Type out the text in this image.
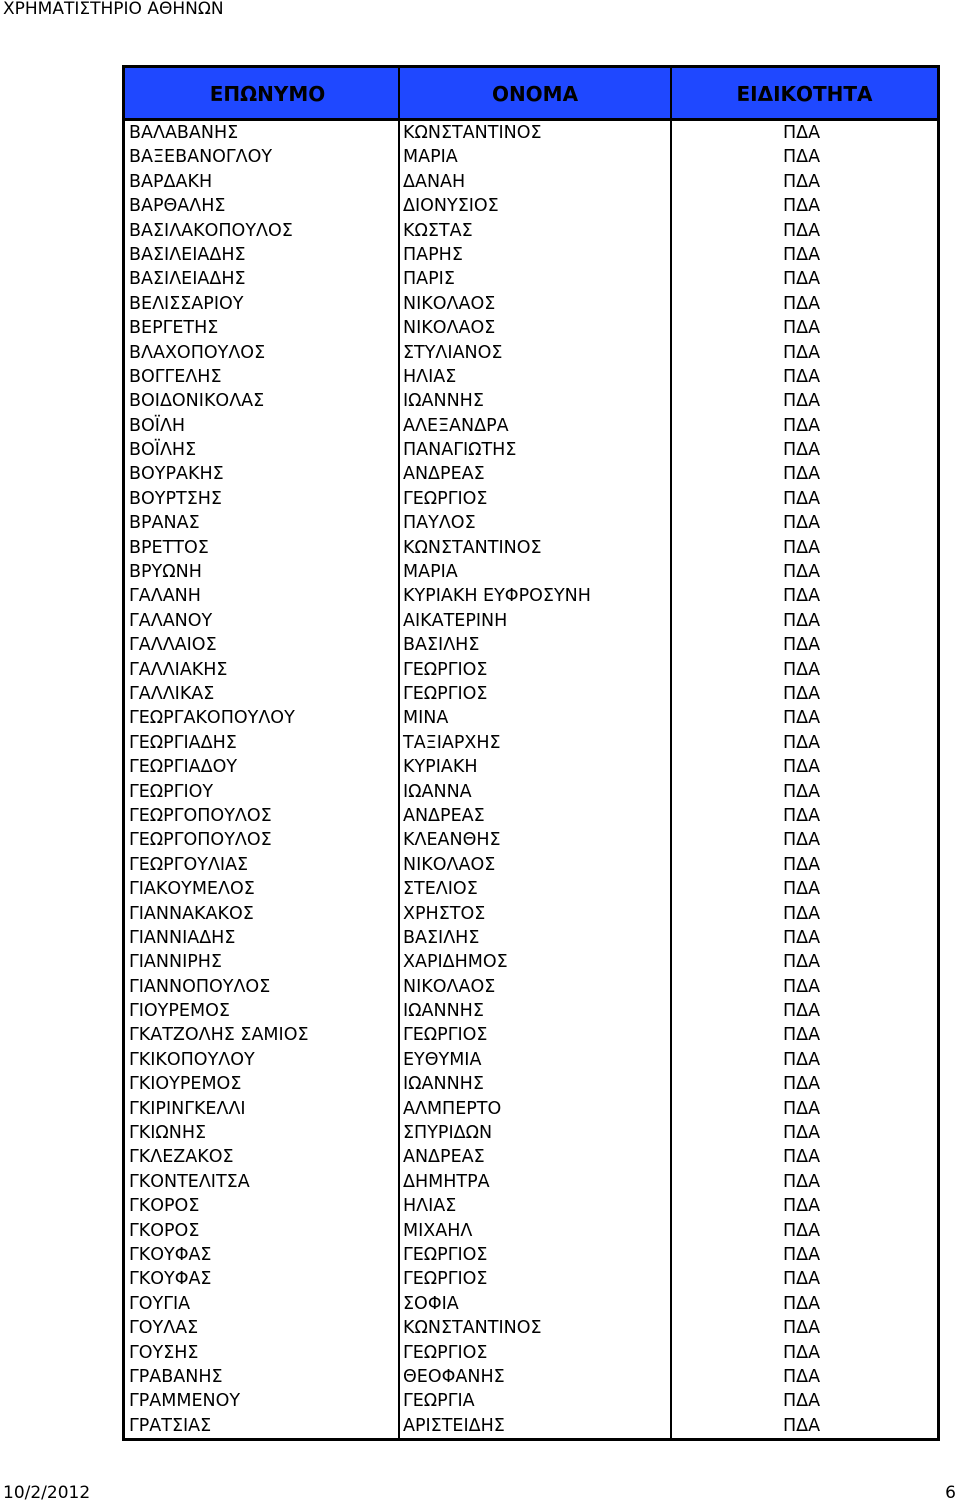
ΧΡΗΜΑΤΙΣΤΗΡΙΟ ΑΘΗΝΩΝ
ΕΠΩΝΥΜΟ	ΟΝΟΜΑ	ΕΙΔΙΚΟΤΗΤΑ
ΒΑΛΑΒΑΝΗΣ	ΚΩΝΣΤΑΝΤΙΝΟΣ	ΠΔΑ
ΒΑΞΕΒΑΝΟΓΛΟΥ	ΜΑΡΙΑ	ΠΔΑ
ΒΑΡΔΑΚΗ	ΔΑΝΑΗ	ΠΔΑ
ΒΑΡΘΑΛΗΣ	ΔΙΟΝΥΣΙΟΣ	ΠΔΑ
ΒΑΣΙΛΑΚΟΠΟΥΛΟΣ	ΚΩΣΤΑΣ	ΠΔΑ
ΒΑΣΙΛΕΙΑΔΗΣ	ΠΑΡΗΣ	ΠΔΑ
ΒΑΣΙΛΕΙΑΔΗΣ	ΠΑΡΙΣ	ΠΔΑ
ΒΕΛΙΣΣΑΡΙΟΥ	ΝΙΚΟΛΑΟΣ	ΠΔΑ
ΒΕΡΓΕΤΗΣ	ΝΙΚΟΛΑΟΣ	ΠΔΑ
ΒΛΑΧΟΠΟΥΛΟΣ	ΣΤΥΛΙΑΝΟΣ	ΠΔΑ
ΒΟΓΓΕΛΗΣ	ΗΛΙΑΣ	ΠΔΑ
ΒΟΙΔΟΝΙΚΟΛΑΣ	ΙΩΑΝΝΗΣ	ΠΔΑ
ΒΟΪΛΗ	ΑΛΕΞΑΝΔΡΑ	ΠΔΑ
ΒΟΪΛΗΣ	ΠΑΝΑΓΙΩΤΗΣ	ΠΔΑ
ΒΟΥΡΑΚΗΣ	ΑΝΔΡΕΑΣ	ΠΔΑ
ΒΟΥΡΤΣΗΣ	ΓΕΩΡΓΙΟΣ	ΠΔΑ
ΒΡΑΝΑΣ	ΠΑΥΛΟΣ	ΠΔΑ
ΒΡΕΤΤΟΣ	ΚΩΝΣΤΑΝΤΙΝΟΣ	ΠΔΑ
ΒΡΥΩΝΗ	ΜΑΡΙΑ	ΠΔΑ
ΓΑΛΑΝΗ	ΚΥΡΙΑΚΗ ΕΥΦΡΟΣΥΝΗ	ΠΔΑ
ΓΑΛΑΝΟΥ	ΑΙΚΑΤΕΡΙΝΗ	ΠΔΑ
ΓΑΛΛΑΙΟΣ	ΒΑΣΙΛΗΣ	ΠΔΑ
ΓΑΛΛΙΑΚΗΣ	ΓΕΩΡΓΙΟΣ	ΠΔΑ
ΓΑΛΛΙΚΑΣ	ΓΕΩΡΓΙΟΣ	ΠΔΑ
ΓΕΩΡΓΑΚΟΠΟΥΛΟΥ	ΜΙΝΑ	ΠΔΑ
ΓΕΩΡΓΙΑΔΗΣ	ΤΑΞΙΑΡΧΗΣ	ΠΔΑ
ΓΕΩΡΓΙΑΔΟΥ	ΚΥΡΙΑΚΗ	ΠΔΑ
ΓΕΩΡΓΙΟΥ	ΙΩΑΝΝΑ	ΠΔΑ
ΓΕΩΡΓΟΠΟΥΛΟΣ	ΑΝΔΡΕΑΣ	ΠΔΑ
ΓΕΩΡΓΟΠΟΥΛΟΣ	ΚΛΕΑΝΘΗΣ	ΠΔΑ
ΓΕΩΡΓΟΥΛΙΑΣ	ΝΙΚΟΛΑΟΣ	ΠΔΑ
ΓΙΑΚΟΥΜΕΛΟΣ	ΣΤΕΛΙΟΣ	ΠΔΑ
ΓΙΑΝΝΑΚΑΚΟΣ	ΧΡΗΣΤΟΣ	ΠΔΑ
ΓΙΑΝΝΙΑΔΗΣ	ΒΑΣΙΛΗΣ	ΠΔΑ
ΓΙΑΝΝΙΡΗΣ	ΧΑΡΙΔΗΜΟΣ	ΠΔΑ
ΓΙΑΝΝΟΠΟΥΛΟΣ	ΝΙΚΟΛΑΟΣ	ΠΔΑ
ΓΙΟΥΡΕΜΟΣ	ΙΩΑΝΝΗΣ	ΠΔΑ
ΓΚΑΤΖΟΛΗΣ ΣΑΜΙΟΣ	ΓΕΩΡΓΙΟΣ	ΠΔΑ
ΓΚΙΚΟΠΟΥΛΟΥ	ΕΥΘΥΜΙΑ	ΠΔΑ
ΓΚΙΟΥΡΕΜΟΣ	ΙΩΑΝΝΗΣ	ΠΔΑ
ΓΚΙΡΙΝΓΚΕΛΛΙ	ΑΛΜΠΕΡΤΟ	ΠΔΑ
ΓΚΙΩΝΗΣ	ΣΠΥΡΙΔΩΝ	ΠΔΑ
ΓΚΛΕΖΑΚΟΣ	ΑΝΔΡΕΑΣ	ΠΔΑ
ΓΚΟΝΤΕΛΙΤΣΑ	ΔΗΜΗΤΡΑ	ΠΔΑ
ΓΚΟΡΟΣ	ΗΛΙΑΣ	ΠΔΑ
ΓΚΟΡΟΣ	ΜΙΧΑΗΛ	ΠΔΑ
ΓΚΟΥΦΑΣ	ΓΕΩΡΓΙΟΣ	ΠΔΑ
ΓΚΟΥΦΑΣ	ΓΕΩΡΓΙΟΣ	ΠΔΑ
ΓΟΥΓΙΑ	ΣΟΦΙΑ	ΠΔΑ
ΓΟΥΛΑΣ	ΚΩΝΣΤΑΝΤΙΝΟΣ	ΠΔΑ
ΓΟΥΣΗΣ	ΓΕΩΡΓΙΟΣ	ΠΔΑ
ΓΡΑΒΑΝΗΣ	ΘΕΟΦΑΝΗΣ	ΠΔΑ
ΓΡΑΜΜΕΝΟΥ	ΓΕΩΡΓΙΑ	ΠΔΑ
ΓΡΑΤΣΙΑΣ	ΑΡΙΣΤΕΙΔΗΣ	ΠΔΑ
10/2/2012	6
